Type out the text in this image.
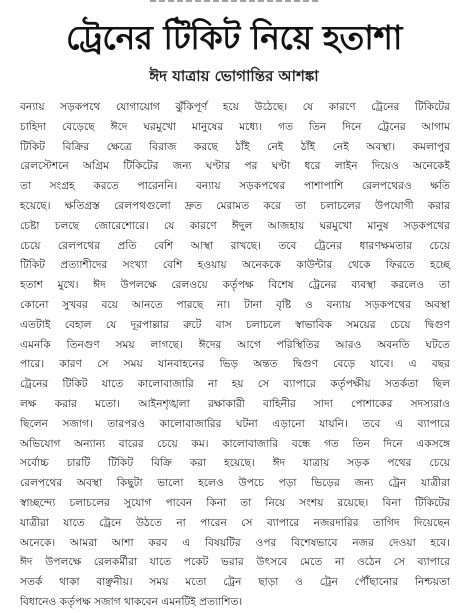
ট্রেনের টিকিট নিয়ে হতাশা
ঈদ যাত্রায় ভোগান্তির আশঙ্কা
বন্যায় সড়কপথে যোগাযোগ ঝুঁকিপূর্ণ হয়ে উঠেছে। যে কারণে ট্রেনের টিকিটের
চাহিদা বেড়েছে ঈদে ঘরমুখো মানুষের মধ্যে। গত তিন দিনে ট্রেনের আগাম
টিকিট বিক্রির ক্ষেত্রে বিরাজ করছে ঠাঁই নেই ঠাঁই নেই অবস্থা। কমলাপুর
রেলস্টেশনে অগ্রিম টিকিটের জন্য ঘণ্টার পর ঘণ্টা ধরে লাইন দিয়েও অনেকেই
তা সংগ্রহ করতে পারেননি। বন্যায় সড়কপথের পাশাপাশি রেলপথেরও ক্ষতি
হয়েছে। ক্ষতিগ্রস্ত রেলপথগুলো দ্রুত মেরামত করে তা চলাচলের উপযোগী করার
চেষ্টা চলছে জোরেশোরে। যে কারণে ঈদুল আজহায় ঘরমুখো মানুষ সড়কপথের
চেয়ে রেলপথের প্রতি বেশি আস্থা রাখছে। তবে ট্রেনের ধারণক্ষমতার চেয়ে
টিকিট প্রত্যাশীদের সংখ্যা বেশি হওয়ায় অনেককে কাউন্টার থেকে ফিরতে হচ্ছে
হতাশ মুখে। ঈদ উপলক্ষে রেলওয়ে কর্তৃপক্ষ বিশেষ ট্রেনের ব্যবস্থা করলেও তা
কোনো সুখবর বয়ে আনতে পারছে না। টানা বৃষ্টি ও বন্যায় সড়কপথের অবস্থা
এতটাই বেহাল যে দূরপাল্লার রুটে বাস চলাচলে স্বাভাবিক সময়ের চেয়ে দ্বিগুণ
এমনকি তিনগুণ সময় লাগছে। ঈদের আগে পরিস্থিতির আরও অবনতি ঘটতে
পারে। কারণ সে সময় যানবাহনের ভিড় অন্তত দ্বিগুণ বেড়ে যাবে। এ বছর
ট্রেনের টিকিট যাতে কালোবাজারি না হয় সে ব্যাপারে কর্তৃপক্ষীয় সতর্কতা ছিল
লক্ষ করার মতো। আইনশৃঙ্খলা রক্ষাকারী বাহিনীর সাদা পোশাকের সদস্যরাও
ছিলেন সজাগ। তারপরও কালোবাজারির ঘটনা এড়ানো যায়নি। তবে এ ব্যাপারে
অভিযোগ অন্যান্য বারের চেয়ে কম। কালোবাজারি বন্ধে গত তিন দিনে একসঙ্গে
সর্বোচ্চ চারটি টিকিট বিক্রি করা হয়েছে। ঈদ যাত্রায় সড়ক পথের চেয়ে
রেলপথের অবস্থা কিছুটা ভালো হলেও উপচে পড়া ভিড়ের জন্য ট্রেন যাত্রীরা
স্বাচ্ছন্দ্যে চলাচলের সুযোগ পাবেন কিনা তা নিয়ে সংশয় রয়েছে। বিনা টিকিটের
যাত্রীরা যাতে ট্রেনে উঠতে না পারেন সে ব্যাপারে নজরদারির তাগিদ দিয়েছেন
অনেকে। আমরা আশা করব এ বিষয়টির ওপর বিশেষভাবে নজর দেওয়া হবে।
ঈদ উপলক্ষে রেলকর্মীরা যাতে পকেট ভরার উৎসবে মেতে না ওঠেন সে ব্যাপারে
সতর্ক থাকা বাঞ্ছনীয়। সময় মতো ট্রেন ছাড়া ও ট্রেন পৌঁছানোর নিশ্চয়তা
বিধানেও কর্তৃপক্ষ সজাগ থাকবেন এমনটিই প্রত্যাশিত।
